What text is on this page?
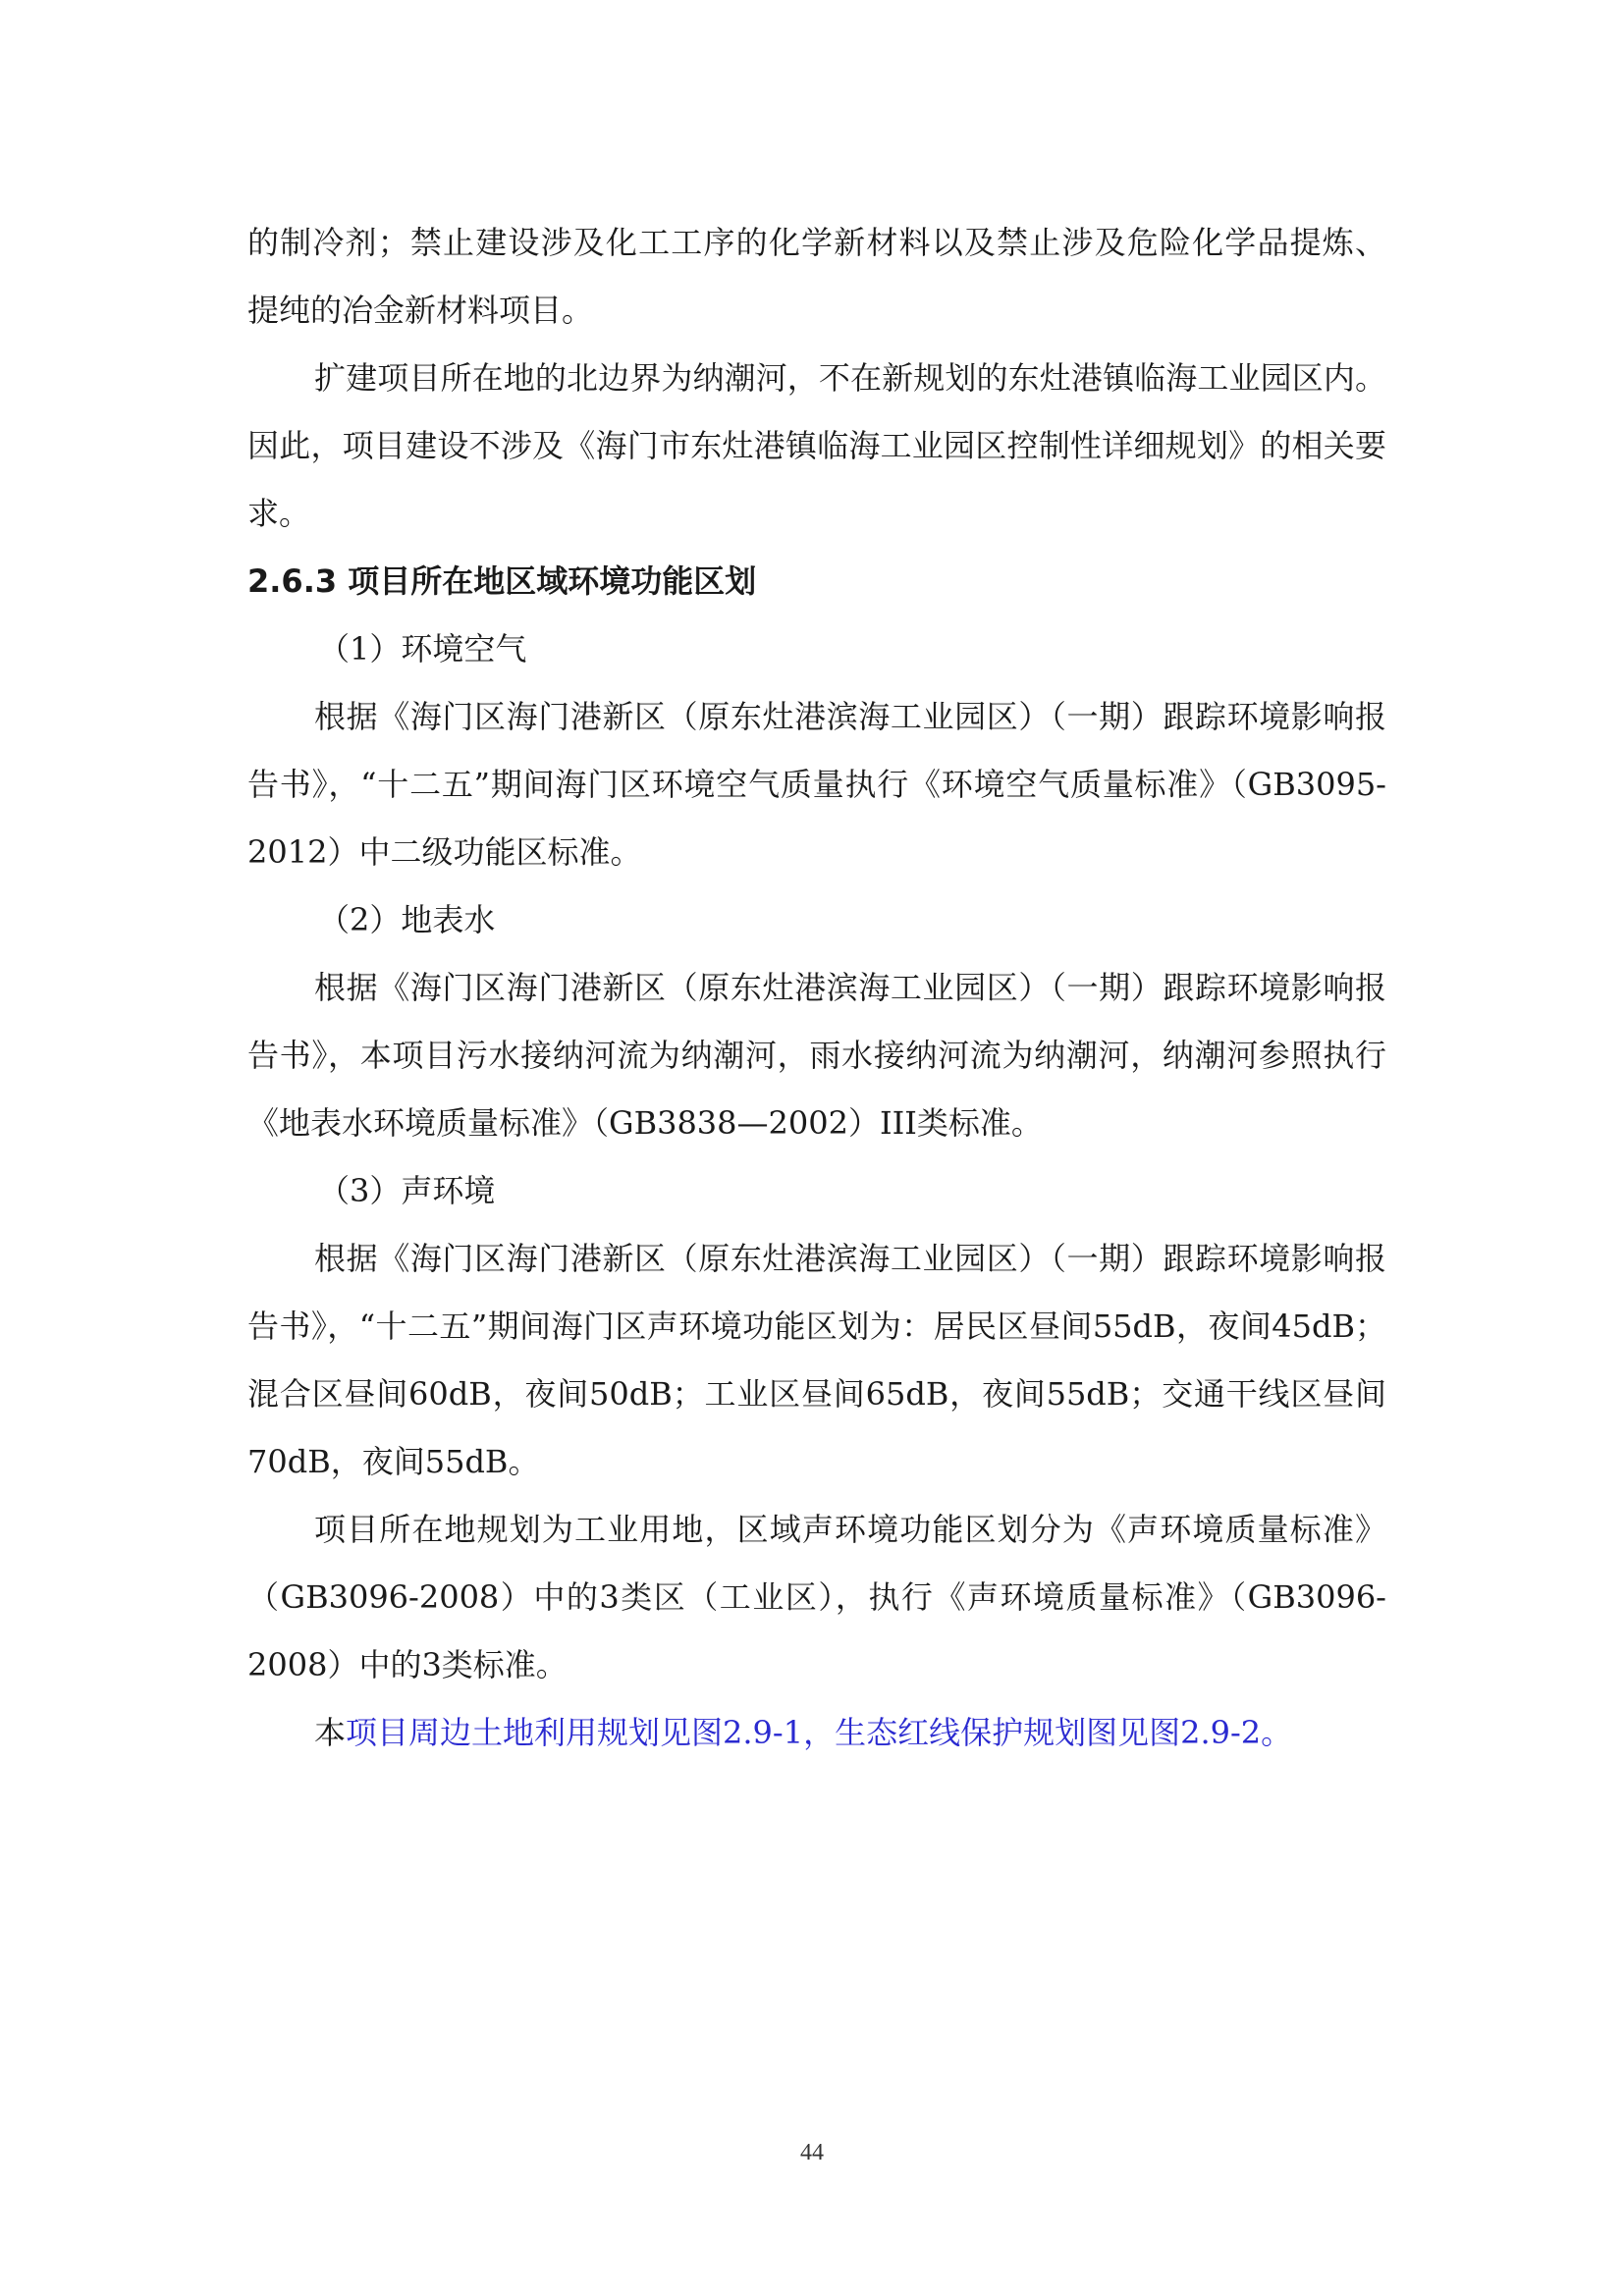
的制冷剂；禁止建设涉及化工工序的化学新材料以及禁止涉及危险化学品提炼、

提纯的冶金新材料项目。

扩建项目所在地的北边界为纳潮河，不在新规划的东灶港镇临海工业园区内。因此，项目建设不涉及《海门市东灶港镇临海工业园区控制性详细规划》的相关要求。

2.6.3 项目所在地区域环境功能区划

（1）环境空气

根据《海门区海门港新区（原东灶港滨海工业园区）（一期）跟踪环境影响报告书》，“十二五”期间海门区环境空气质量执行《环境空气质量标准》（GB3095-2012）中二级功能区标准。

（2）地表水

根据《海门区海门港新区（原东灶港滨海工业园区）（一期）跟踪环境影响报告书》，本项目污水接纳河流为纳潮河，雨水接纳河流为纳潮河，纳潮河参照执行《地表水环境质量标准》（GB3838—2002）III类标准。

（3）声环境

根据《海门区海门港新区（原东灶港滨海工业园区）（一期）跟踪环境影响报告书》，“十二五”期间海门区声环境功能区划为：居民区昼间55dB，夜间45dB；混合区昼间60dB，夜间50dB；工业区昼间65dB，夜间55dB；交通干线区昼间70dB，夜间55dB。

项目所在地规划为工业用地，区域声环境功能区划分为《声环境质量标准》（GB3096-2008）中的3类区（工业区），执行《声环境质量标准》（GB3096-2008）中的3类标准。

本项目周边土地利用规划见图2.9-1，生态红线保护规划图见图2.9-2。

44
